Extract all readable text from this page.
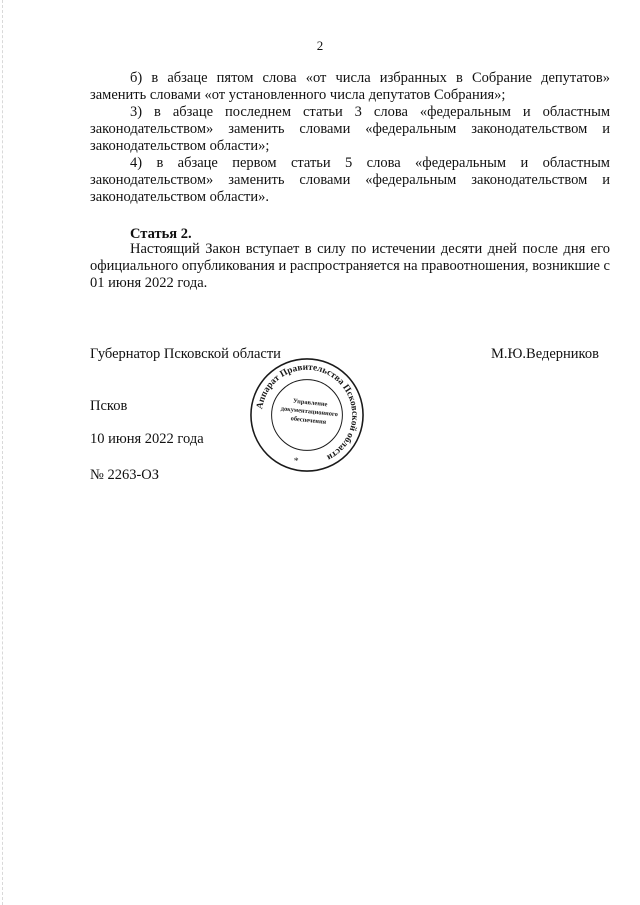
2

б) в абзаце пятом слова «от числа избранных в Собрание депутатов» заменить словами «от установленного числа депутатов Собрания»;

3) в абзаце последнем статьи 3 слова «федеральным и областным законодательством» заменить словами «федеральным законодательством и законодательством области»;

4) в абзаце первом статьи 5 слова «федеральным и областным законодательством» заменить словами «федеральным законодательством и законодательством области».

Статья 2.

Настоящий Закон вступает в силу по истечении десяти дней после дня его официального опубликования и распространяется на правоотношения, возникшие с 01 июня 2022 года.

Губернатор Псковской области	М.Ю.Ведерников
Псков
10 июня 2022 года
№ 2263-ОЗ
Аппарат Правительства Псковской области
Управление
документационного
обеспечения
*
